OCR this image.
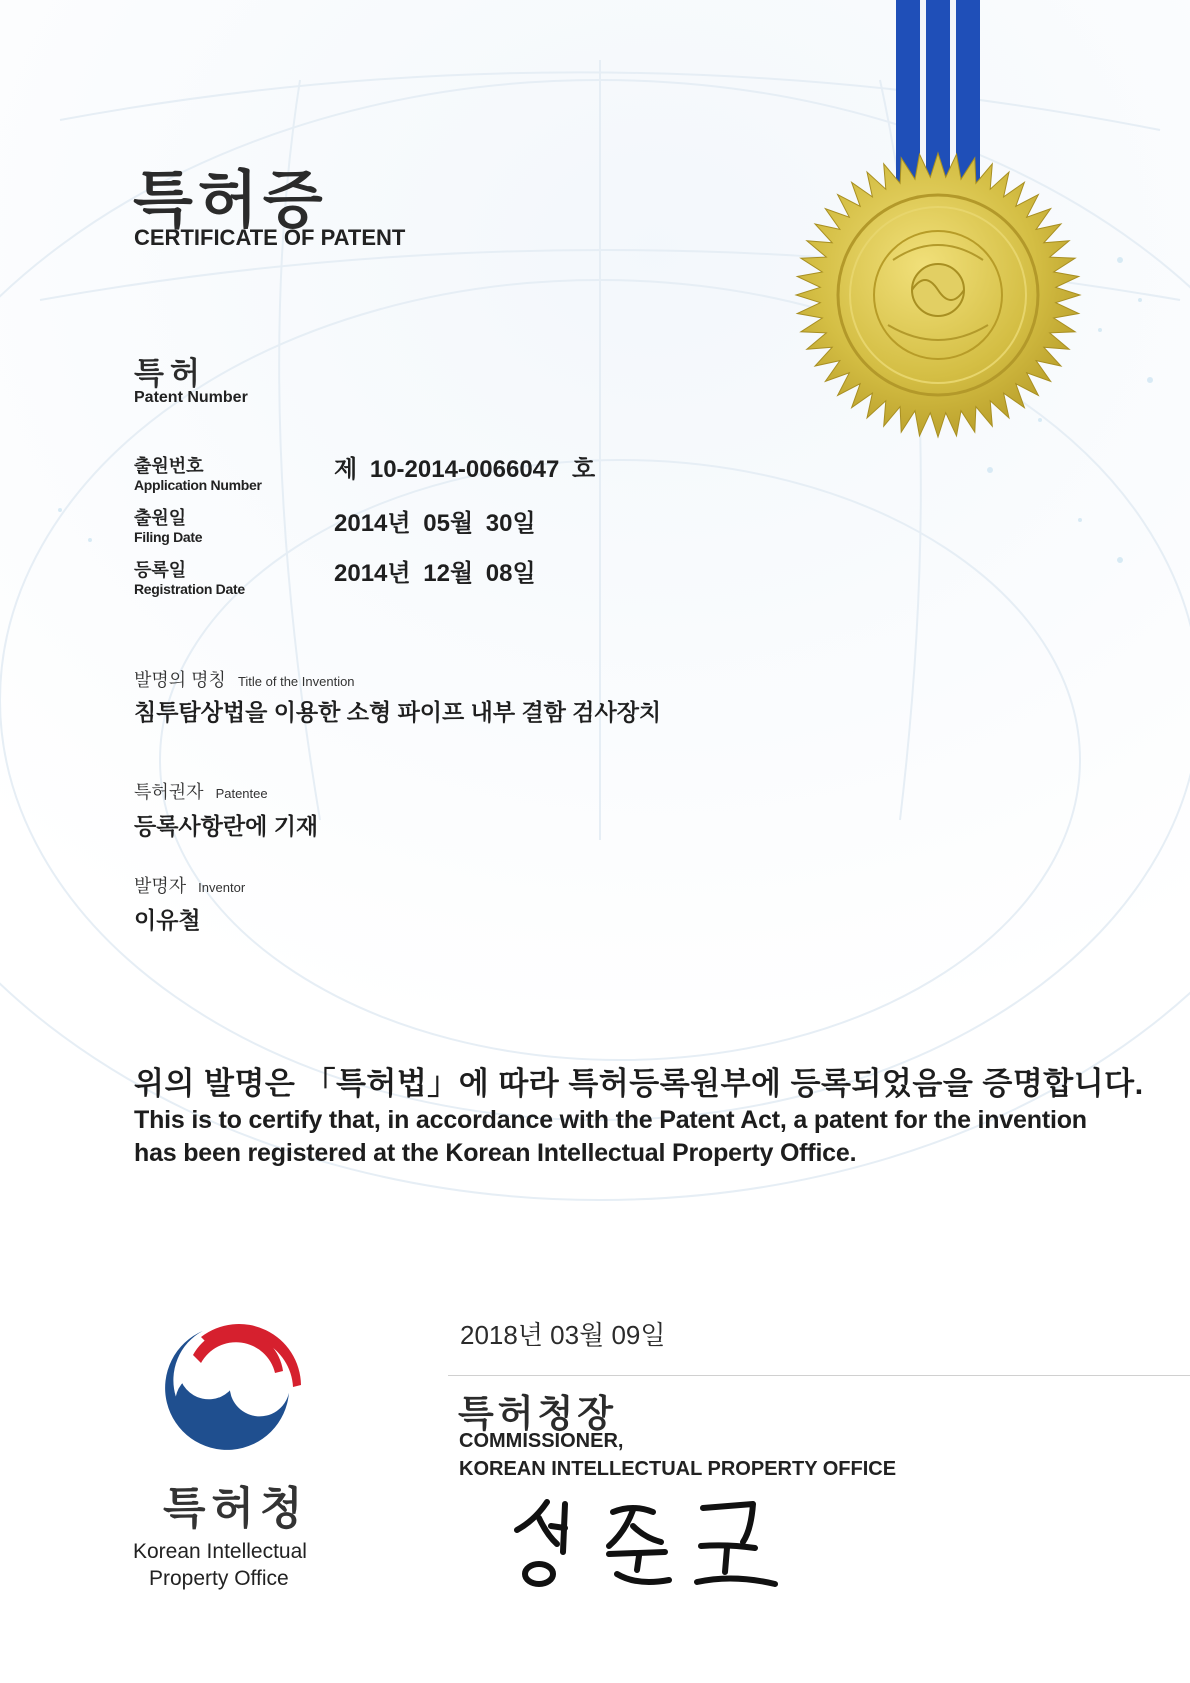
특허증
CERTIFICATE OF PATENT
특허
Patent Number
출원번호
Application Number
제 10-2014-0066047 호
출원일
Filing Date	2014년 05월 30일
등록일
Registration Date
2014년 12월 08일
발명의 명칭 Title of the Invention
침투탐상법을 이용한 소형 파이프 내부 결함 검사장치
특허권자 Patentee
등록사항란에 기재
발명자 Inventor
이유철
위의 발명은 「특허법」에 따라 특허등록원부에 등록되었음을 증명합니다.
This is to certify that, in accordance with the Patent Act, a patent for the invention has been registered at the Korean Intellectual Property Office.
2018년 03월 09일
특허청장
COMMISSIONER,
KOREAN INTELLECTUAL PROPERTY OFFICE
특허청
Korean Intellectual
Property Office
